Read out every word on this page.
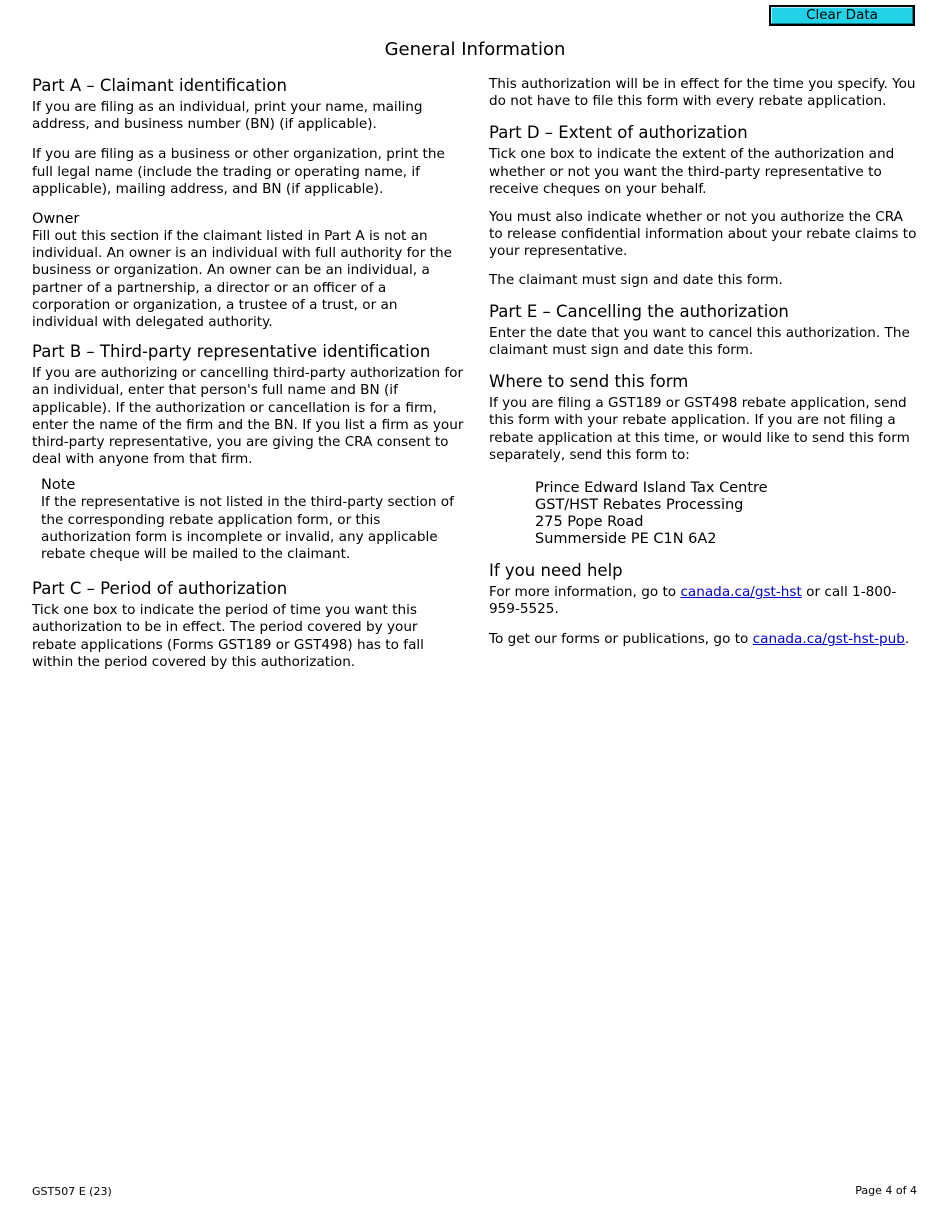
Clear Data
General Information
Part A – Claimant identification

If you are filing as an individual, print your name, mailing address, and business number (BN) (if applicable).

If you are filing as a business or other organization, print the full legal name (include the trading or operating name, if applicable), mailing address, and BN (if applicable).

Owner

Fill out this section if the claimant listed in Part A is not an individual. An owner is an individual with full authority for the business or organization. An owner can be an individual, a partner of a partnership, a director or an officer of a corporation or organization, a trustee of a trust, or an individual with delegated authority.

Part B – Third-party representative identification

If you are authorizing or cancelling third-party authorization for an individual, enter that person's full name and BN (if applicable). If the authorization or cancellation is for a firm, enter the name of the firm and the BN. If you list a firm as your third-party representative, you are giving the CRA consent to deal with anyone from that firm.

Note

If the representative is not listed in the third-party section of the corresponding rebate application form, or this authorization form is incomplete or invalid, any applicable rebate cheque will be mailed to the claimant.

Part C – Period of authorization

Tick one box to indicate the period of time you want this authorization to be in effect. The period covered by your rebate applications (Forms GST189 or GST498) has to fall within the period covered by this authorization.

This authorization will be in effect for the time you specify. You do not have to file this form with every rebate application.

Part D – Extent of authorization

Tick one box to indicate the extent of the authorization and whether or not you want the third-party representative to receive cheques on your behalf.

You must also indicate whether or not you authorize the CRA to release confidential information about your rebate claims to your representative.

The claimant must sign and date this form.

Part E – Cancelling the authorization

Enter the date that you want to cancel this authorization. The claimant must sign and date this form.

Where to send this form

If you are filing a GST189 or GST498 rebate application, send this form with your rebate application. If you are not filing a rebate application at this time, or would like to send this form separately, send this form to:

Prince Edward Island Tax Centre

GST/HST Rebates Processing

275 Pope Road

Summerside PE C1N 6A2

If you need help

For more information, go to canada.ca/gst-hst or call 1-800-959-5525.

To get our forms or publications, go to canada.ca/gst-hst-pub.

GST507 E (23)	Page 4 of 4
